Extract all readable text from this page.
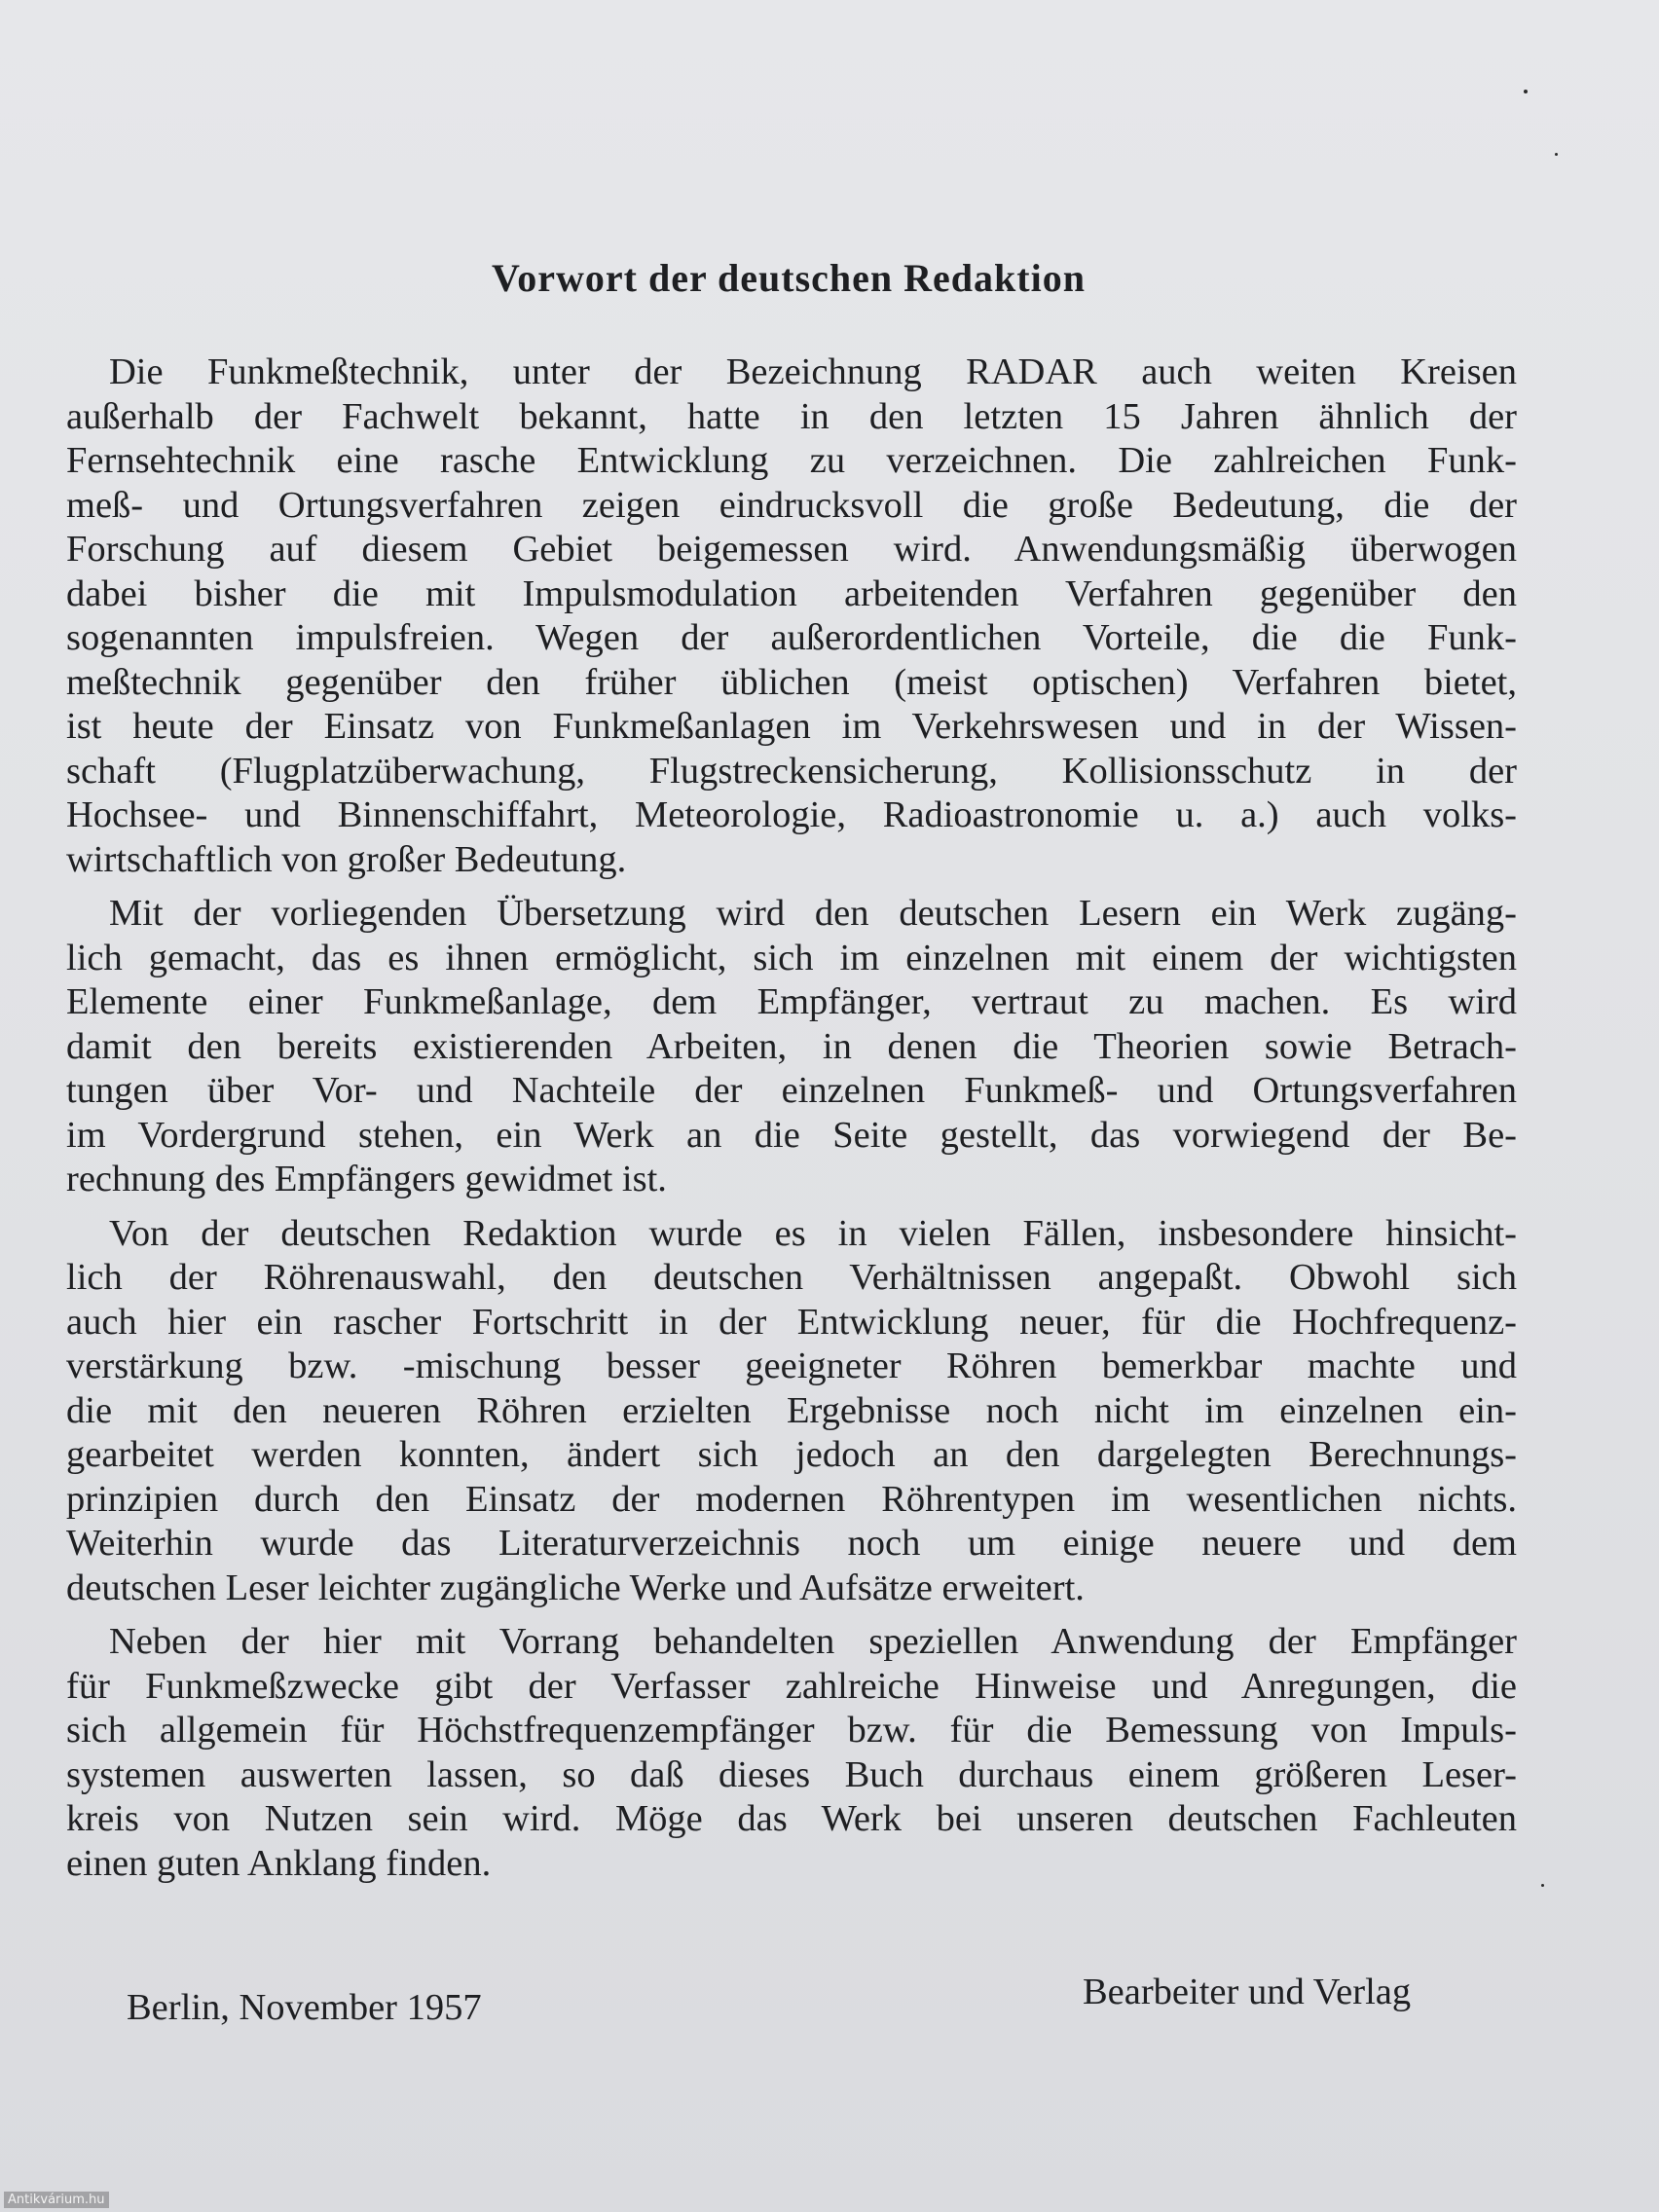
Vorwort der deutschen Redaktion

Die Funkmeßtechnik, unter der Bezeichnung RADAR auch weiten Kreisen
außerhalb der Fachwelt bekannt, hatte in den letzten 15 Jahren ähnlich der
Fernsehtechnik eine rasche Entwicklung zu verzeichnen. Die zahlreichen Funk-
meß- und Ortungsverfahren zeigen eindrucksvoll die große Bedeutung, die der
Forschung auf diesem Gebiet beigemessen wird. Anwendungsmäßig überwogen
dabei bisher die mit Impulsmodulation arbeitenden Verfahren gegenüber den
sogenannten impulsfreien. Wegen der außerordentlichen Vorteile, die die Funk-
meßtechnik gegenüber den früher üblichen (meist optischen) Verfahren bietet,
ist heute der Einsatz von Funkmeßanlagen im Verkehrswesen und in der Wissen-
schaft (Flugplatzüberwachung, Flugstreckensicherung, Kollisionsschutz in der
Hochsee- und Binnenschiffahrt, Meteorologie, Radioastronomie u. a.) auch volks-
wirtschaftlich von großer Bedeutung.

Mit der vorliegenden Übersetzung wird den deutschen Lesern ein Werk zugäng-
lich gemacht, das es ihnen ermöglicht, sich im einzelnen mit einem der wichtigsten
Elemente einer Funkmeßanlage, dem Empfänger, vertraut zu machen. Es wird
damit den bereits existierenden Arbeiten, in denen die Theorien sowie Betrach-
tungen über Vor- und Nachteile der einzelnen Funkmeß- und Ortungsverfahren
im Vordergrund stehen, ein Werk an die Seite gestellt, das vorwiegend der Be-
rechnung des Empfängers gewidmet ist.

Von der deutschen Redaktion wurde es in vielen Fällen, insbesondere hinsicht-
lich der Röhrenauswahl, den deutschen Verhältnissen angepaßt. Obwohl sich
auch hier ein rascher Fortschritt in der Entwicklung neuer, für die Hochfrequenz-
verstärkung bzw. -mischung besser geeigneter Röhren bemerkbar machte und
die mit den neueren Röhren erzielten Ergebnisse noch nicht im einzelnen ein-
gearbeitet werden konnten, ändert sich jedoch an den dargelegten Berechnungs-
prinzipien durch den Einsatz der modernen Röhrentypen im wesentlichen nichts.
Weiterhin wurde das Literaturverzeichnis noch um einige neuere und dem
deutschen Leser leichter zugängliche Werke und Aufsätze erweitert.

Neben der hier mit Vorrang behandelten speziellen Anwendung der Empfänger
für Funkmeßzwecke gibt der Verfasser zahlreiche Hinweise und Anregungen, die
sich allgemein für Höchstfrequenzempfänger bzw. für die Bemessung von Impuls-
systemen auswerten lassen, so daß dieses Buch durchaus einem größeren Leser-
kreis von Nutzen sein wird. Möge das Werk bei unseren deutschen Fachleuten
einen guten Anklang finden.

Berlin, November 1957	Bearbeiter und Verlag
Antikvárium.hu
